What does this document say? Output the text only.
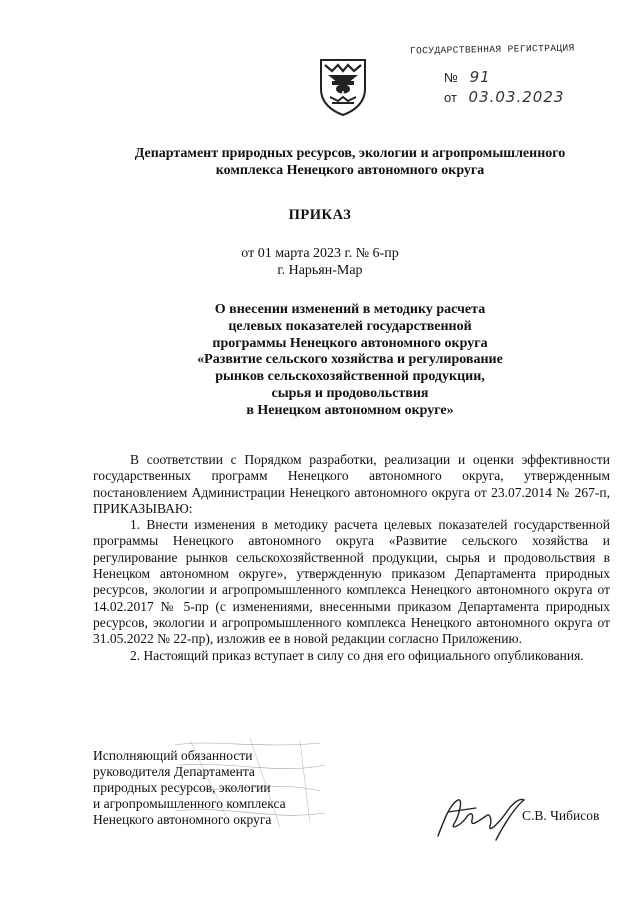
ГОСУДАРСТВЕННАЯ РЕГИСТРАЦИЯ
№ 91
от 03.03.2023
Департамент природных ресурсов, экологии и агропромышленного
комплекса Ненецкого автономного округа
ПРИКАЗ
от 01 марта 2023 г. № 6-пр
г. Нарьян-Мар
О внесении изменений в методику расчета
целевых показателей государственной
программы Ненецкого автономного округа
«Развитие сельского хозяйства и регулирование
рынков сельскохозяйственной продукции,
сырья и продовольствия
в Ненецком автономном округе»

В соответствии с Порядком разработки, реализации и оценки эффективности государственных программ Ненецкого автономного округа, утвержденным постановлением Администрации Ненецкого автономного округа от 23.07.2014 № 267-п, ПРИКАЗЫВАЮ:

1. Внести изменения в методику расчета целевых показателей государственной программы Ненецкого автономного округа «Развитие сельского хозяйства и регулирование рынков сельскохозяйственной продукции, сырья и продовольствия в Ненецком автономном округе», утвержденную приказом Департамента природных ресурсов, экологии и агропромышленного комплекса Ненецкого автономного округа от 14.02.2017 № 5-пр (с изменениями, внесенными приказом Департамента природных ресурсов, экологии и агропромышленного комплекса Ненецкого автономного округа от 31.05.2022 № 22-пр), изложив ее в новой редакции согласно Приложению.

2. Настоящий приказ вступает в силу со дня его официального опубликования.

Исполняющий обязанности
руководителя Департамента
природных ресурсов, экологии
и агропромышленного комплекса
Ненецкого автономного округа	С.В. Чибисов
